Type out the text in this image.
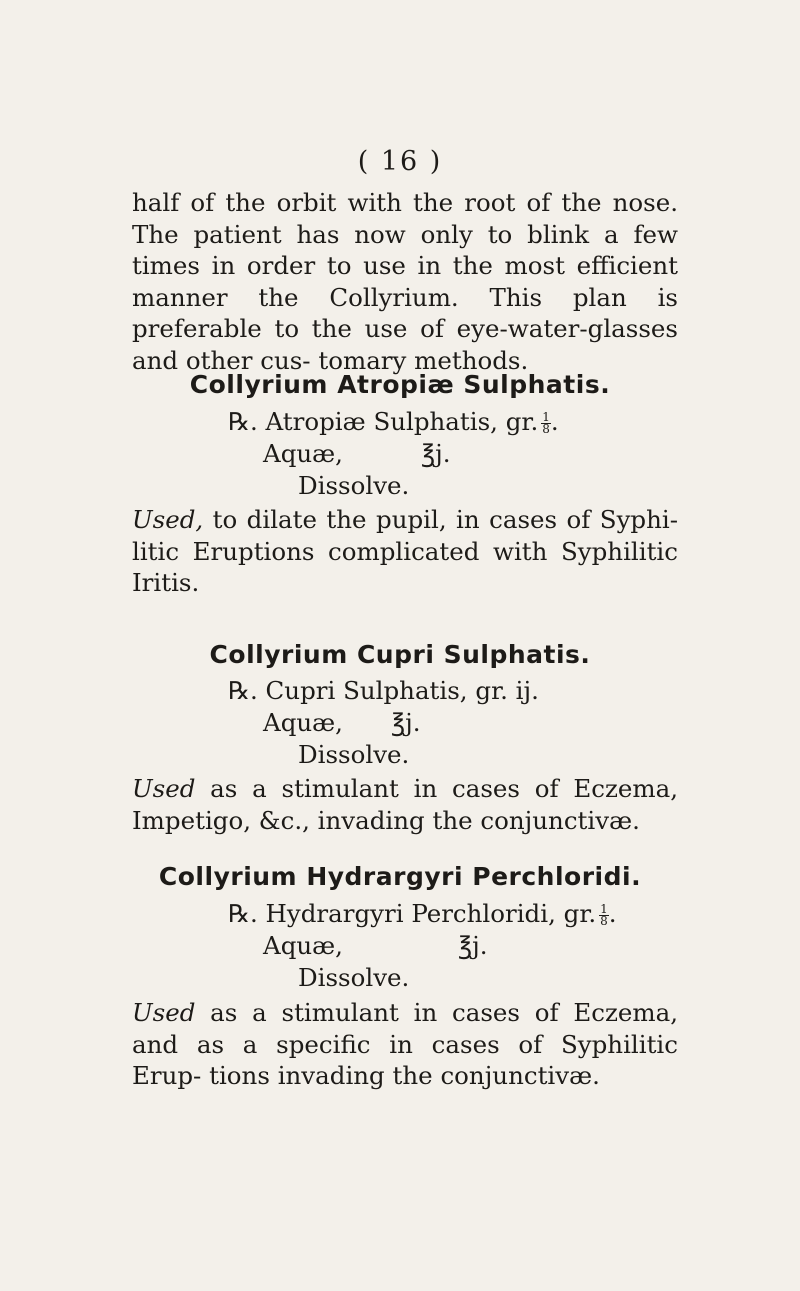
( 16 )
half of the orbit with the root of the nose. The patient has now only to blink a few times in order to use in the most efficient manner the Collyrium. This plan is preferable to the use of eye-water-glasses and other cus- tomary methods.
Collyrium Atropiæ Sulphatis.
℞. Atropiæ Sulphatis, gr. $\frac{1}{8}$ .
Aquæ,	℥j.
Dissolve.
Used, to dilate the pupil, in cases of Syphi- litic Eruptions complicated with Syphilitic Iritis.
Collyrium Cupri Sulphatis.
℞. Cupri Sulphatis, gr. ij.
Aquæ, ℥j.
Dissolve.
Used as a stimulant in cases of Eczema, Impetigo, &c., invading the conjunctivæ.
Collyrium Hydrargyri Perchloridi.
℞. Hydrargyri Perchloridi, gr. $\frac{1}{8}$ .
Aquæ,	℥j.
Dissolve.
Used as a stimulant in cases of Eczema, and as a specific in cases of Syphilitic Erup- tions invading the conjunctivæ.
